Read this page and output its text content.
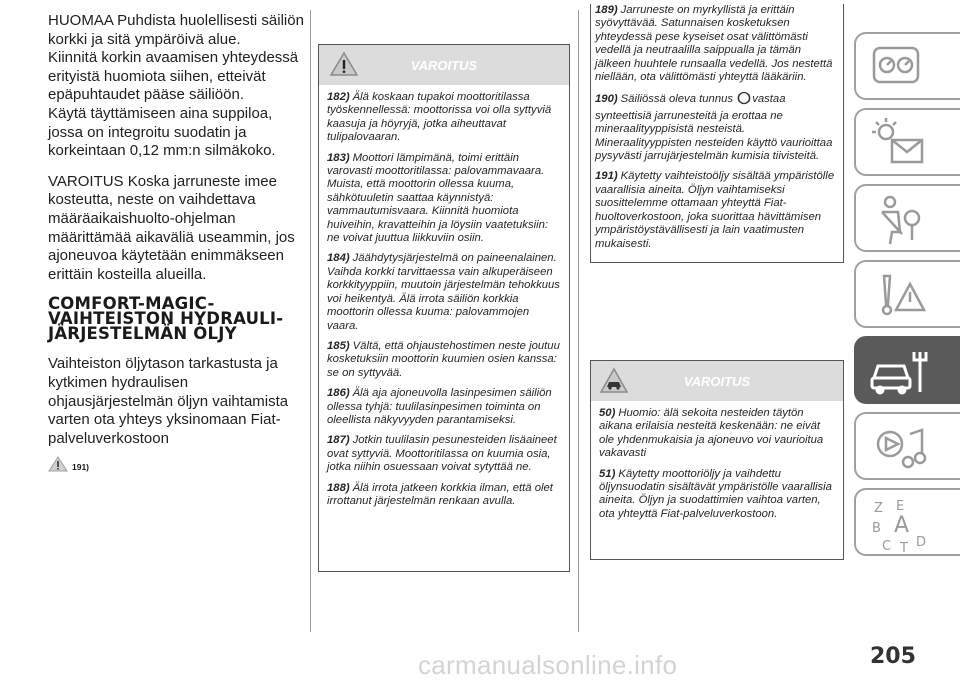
HUOMAA Puhdista huolellisesti säiliön korkki ja sitä ympäröivä alue.

Kiinnitä korkin avaamisen yhteydessä erityistä huomiota siihen, etteivät epäpuhtaudet pääse säiliöön.

Käytä täyttämiseen aina suppiloa, jossa on integroitu suodatin ja korkeintaan 0,12 mm:n silmäkoko.

VAROITUS Koska jarruneste imee kosteutta, neste on vaihdettava määräaikaishuolto-ohjelman määrittämää aikaväliä useammin, jos ajoneuvoa käytetään enimmäkseen erittäin kosteilla alueilla.

COMFORT-MAGIC-VAIHTEISTON HYDRAULI-JÄRJESTELMÄN ÖLJY

Vaihteiston öljytason tarkastusta ja kytkimen hydraulisen ohjausjärjestelmän öljyn vaihtamista varten ota yhteys yksinomaan Fiat-palveluverkostoon

191)
VAROITUS

182) Älä koskaan tupakoi moottoritilassa työskennellessä: moottorissa voi olla syttyviä kaasuja ja höyryjä, jotka aiheuttavat tulipalovaaran.

183) Moottori lämpimänä, toimi erittäin varovasti moottoritilassa: palovammavaara. Muista, että moottorin ollessa kuuma, sähkötuuletin saattaa käynnistyä: vammautumisvaara. Kiinnitä huomiota huiveihin, kravatteihin ja löysiin vaatetuksiin: ne voivat juuttua liikkuviin osiin.

184) Jäähdytysjärjestelmä on paineenalainen. Vaihda korkki tarvittaessa vain alkuperäiseen korkkityyppiin, muutoin järjestelmän tehokkuus voi heikentyä. Älä irrota säiliön korkkia moottorin ollessa kuuma: palovammojen vaara.

185) Vältä, että ohjaustehostimen neste joutuu kosketuksiin moottorin kuumien osien kanssa: se on syttyvää.

186) Älä aja ajoneuvolla lasinpesimen säiliön ollessa tyhjä: tuulilasinpesimen toiminta on oleellista näkyvyyden parantamiseksi.

187) Jotkin tuulilasin pesunesteiden lisäaineet ovat syttyviä. Moottoritilassa on kuumia osia, jotka niihin osuessaan voivat sytyttää ne.

188) Älä irrota jatkeen korkkia ilman, että olet irrottanut järjestelmän renkaan avulla.

189) Jarruneste on myrkyllistä ja erittäin syövyttävää. Satunnaisen kosketuksen yhteydessä pese kyseiset osat välittömästi vedellä ja neutraalilla saippualla ja tämän jälkeen huuhtele runsaalla vedellä. Jos nestettä niellään, ota välittömästi yhteyttä lääkäriin.

190) Säiliössä oleva tunnus vastaa synteettisiä jarrunesteitä ja erottaa ne mineraalityyppisistä nesteistä. Mineraalityyppisten nesteiden käyttö vaurioittaa pysyvästi jarrujärjestelmän kumisia tiivisteitä.

191) Käytetty vaihteistoöljy sisältää ympäristölle vaarallisia aineita. Öljyn vaihtamiseksi suosittelemme ottamaan yhteyttä Fiat-huoltoverkostoon, joka suorittaa hävittämisen ympäristöystävällisesti ja lain vaatimusten mukaisesti.

VAROITUS

50) Huomio: älä sekoita nesteiden täytön aikana erilaisia nesteitä keskenään: ne eivät ole yhdenmukaisia ja ajoneuvo voi vaurioitua vakavasti

51) Käytetty moottoriöljy ja vaihdettu öljynsuodatin sisältävät ympäristölle vaarallisia aineita. Öljyn ja suodattimien vaihtoa varten, ota yhteyttä Fiat-palveluverkostoon.	Z E
B A
C T D
carmanualsonline.info	205
